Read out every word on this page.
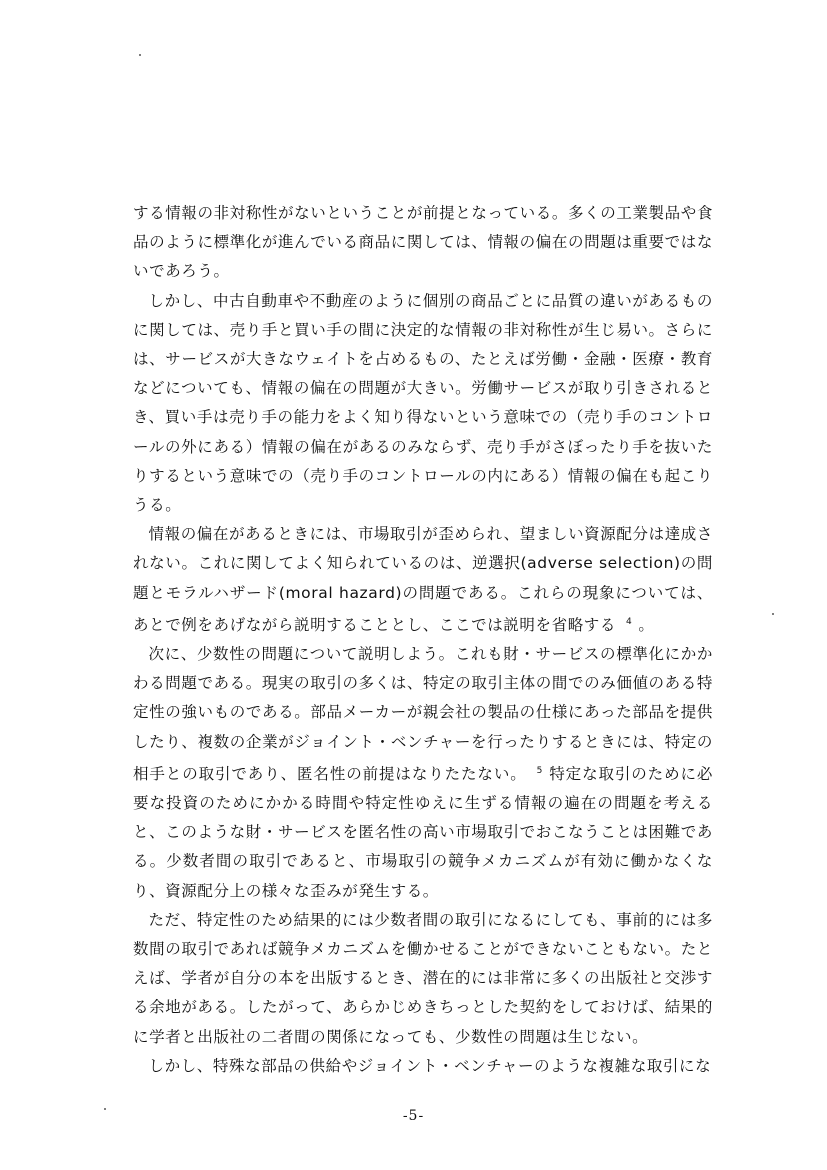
する情報の非対称性がないということが前提となっている。多くの工業製品や食品のように標準化が進んでいる商品に関しては、情報の偏在の問題は重要ではないであろう。

しかし、中古自動車や不動産のように個別の商品ごとに品質の違いがあるものに関しては、売り手と買い手の間に決定的な情報の非対称性が生じ易い。さらには、サービスが大きなウェイトを占めるもの、たとえば労働・金融・医療・教育などについても、情報の偏在の問題が大きい。労働サービスが取り引きされるとき、買い手は売り手の能力をよく知り得ないという意味での（売り手のコントロールの外にある）情報の偏在があるのみならず、売り手がさぼったり手を抜いたりするという意味での（売り手のコントロールの内にある）情報の偏在も起こりうる。

情報の偏在があるときには、市場取引が歪められ、望ましい資源配分は達成されない。これに関してよく知られているのは、逆選択(adverse selection)の問題とモラルハザード(moral hazard)の問題である。これらの現象については、あとで例をあげながら説明することとし、ここでは説明を省略する $^4$ 。

次に、少数性の問題について説明しよう。これも財・サービスの標準化にかかわる問題である。現実の取引の多くは、特定の取引主体の間でのみ価値のある特定性の強いものである。部品メーカーが親会社の製品の仕様にあった部品を提供したり、複数の企業がジョイント・ベンチャーを行ったりするときには、特定の相手との取引であり、匿名性の前提はなりたたない。 $^5$ 特定な取引のために必要な投資のためにかかる時間や特定性ゆえに生ずる情報の遍在の問題を考えると、このような財・サービスを匿名性の高い市場取引でおこなうことは困難である。少数者間の取引であると、市場取引の競争メカニズムが有効に働かなくなり、資源配分上の様々な歪みが発生する。

ただ、特定性のため結果的には少数者間の取引になるにしても、事前的には多数間の取引であれば競争メカニズムを働かせることができないこともない。たとえば、学者が自分の本を出版するとき、潜在的には非常に多くの出版社と交渉する余地がある。したがって、あらかじめきちっとした契約をしておけば、結果的に学者と出版社の二者間の関係になっても、少数性の問題は生じない。

しかし、特殊な部品の供給やジョイント・ベンチャーのような複雑な取引にな

-5-
